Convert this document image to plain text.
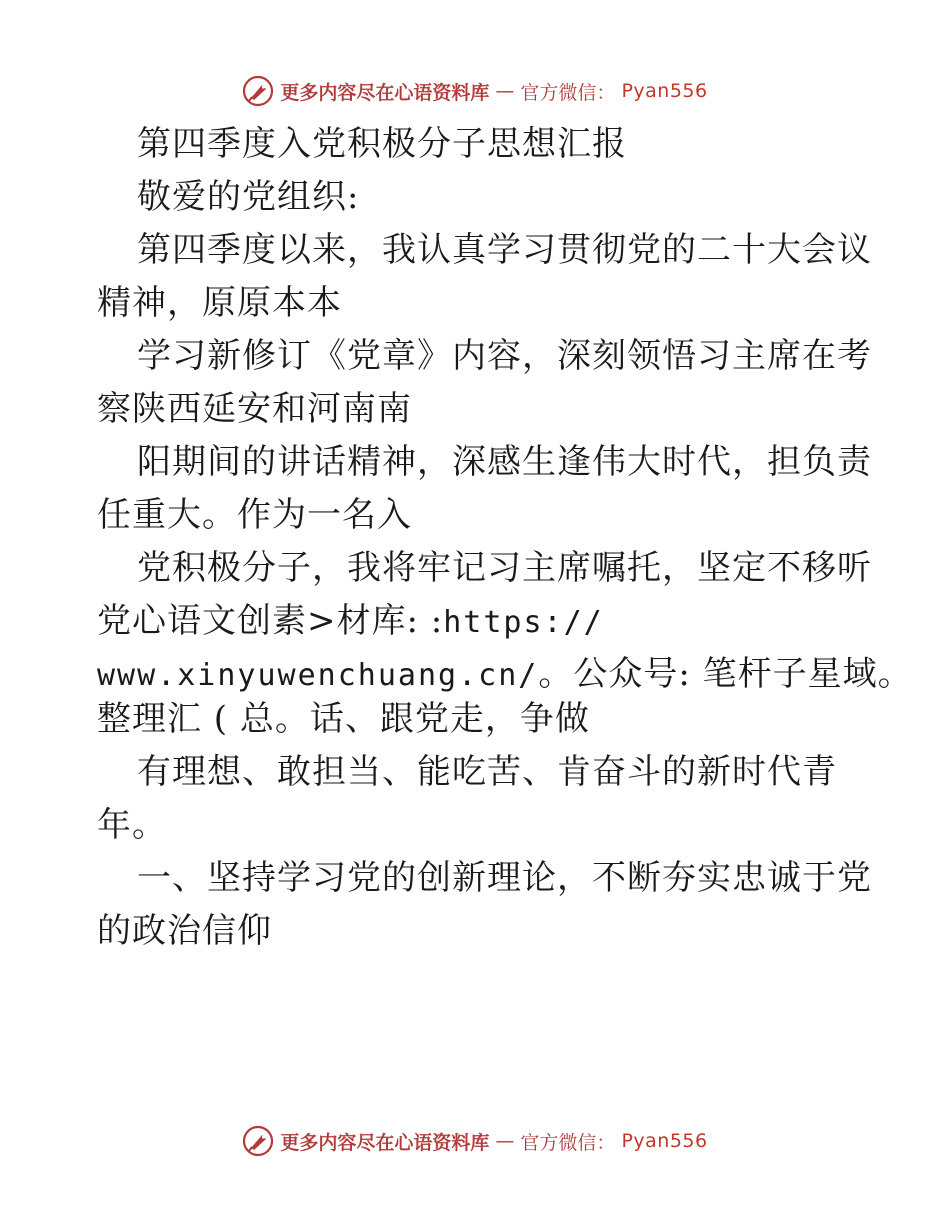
更多内容尽在心语资料库 — 官方微信： Pyan556
第四季度入党积极分子思想汇报
敬爱的党组织:
第四季度以来，我认真学习贯彻党的二十大会议
精神，原原本本
学习新修订《党章》内容，深刻领悟习主席在考
察陕西延安和河南南
阳期间的讲话精神，深感生逢伟大时代，担负责
任重大。作为一名入
党积极分子，我将牢记习主席嘱托，坚定不移听
党心语文创素>材库: :https://
www.xinyuwenchuang.cn/。公众号: 笔杆子星域。
整理汇 ( 总。话、跟党走，争做
有理想、敢担当、能吃苦、肯奋斗的新时代青
年。
一、坚持学习党的创新理论，不断夯实忠诚于党
的政治信仰
更多内容尽在心语资料库 — 官方微信： Pyan556
